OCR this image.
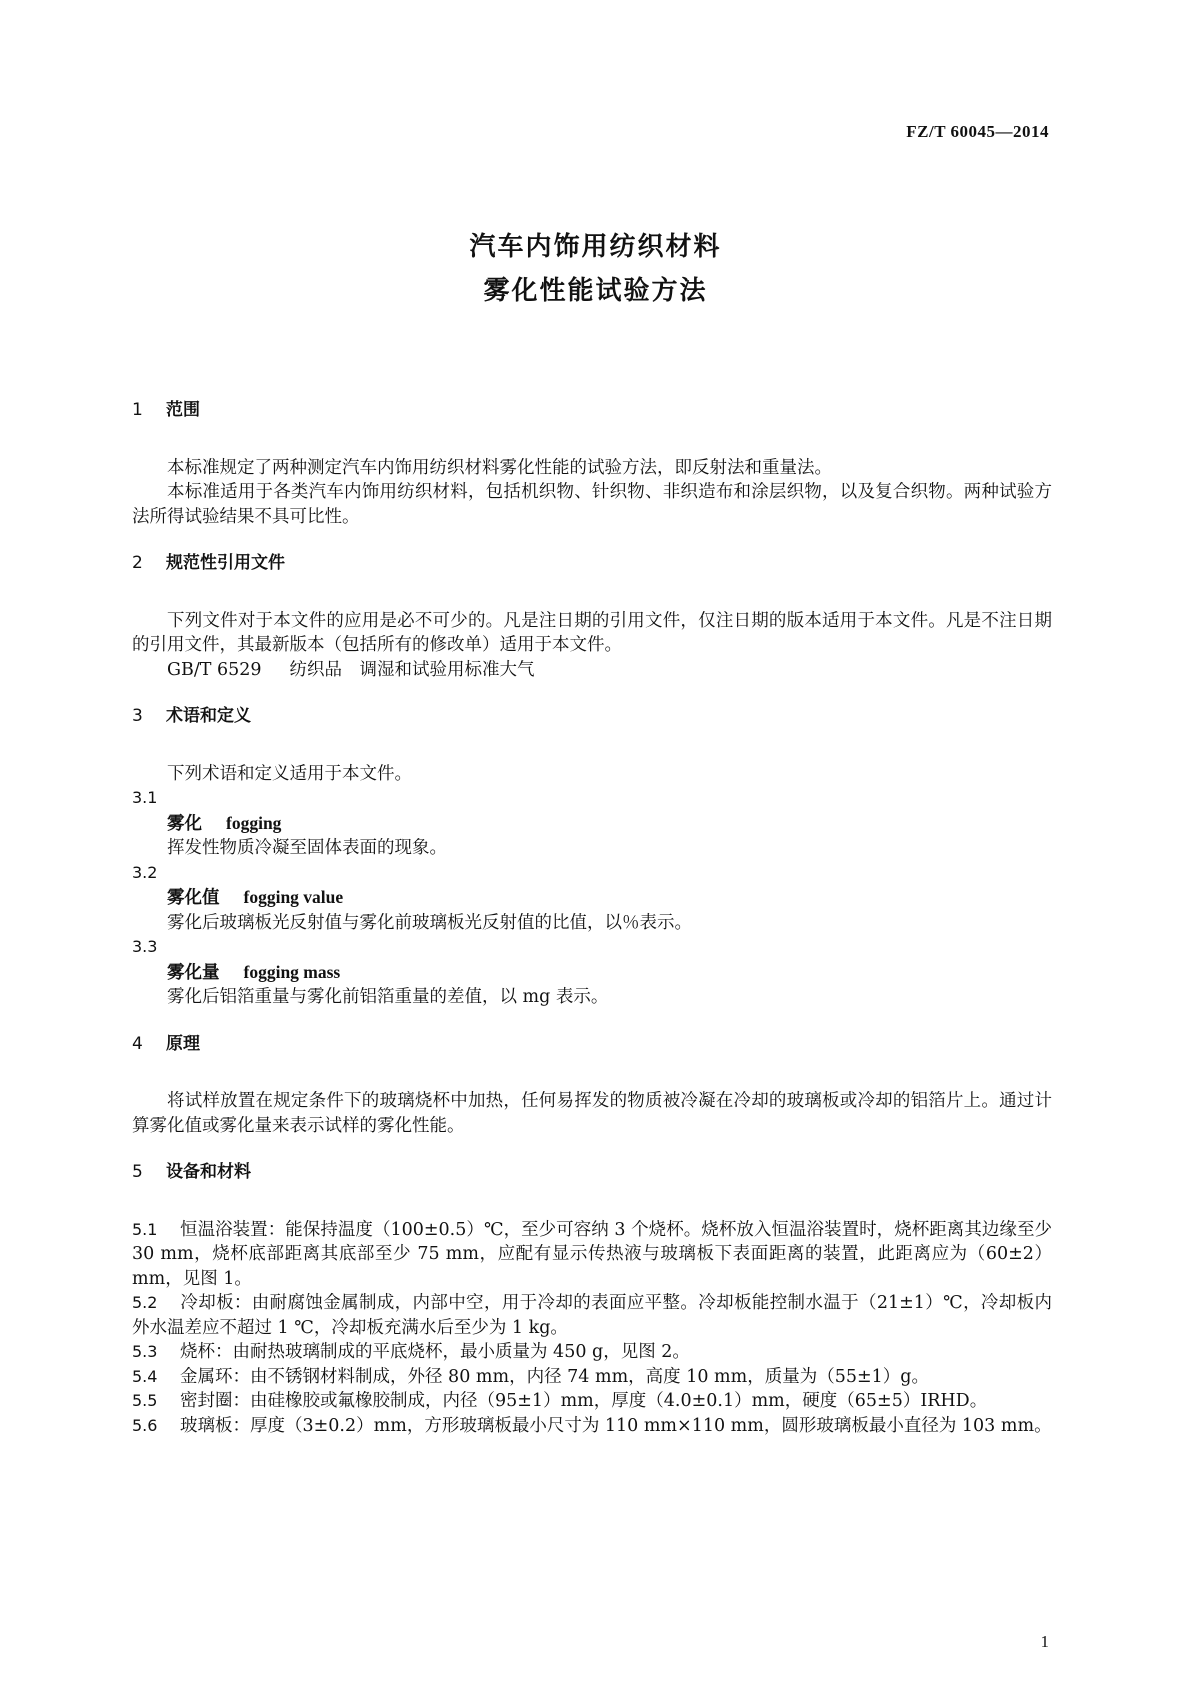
FZ/T 60045—2014
汽车内饰用纺织材料
雾化性能试验方法

1 范围

本标准规定了两种测定汽车内饰用纺织材料雾化性能的试验方法，即反射法和重量法。

本标准适用于各类汽车内饰用纺织材料，包括机织物、针织物、非织造布和涂层织物，以及复合织物。两种试验方法所得试验结果不具可比性。

2 规范性引用文件

下列文件对于本文件的应用是必不可少的。凡是注日期的引用文件，仅注日期的版本适用于本文件。凡是不注日期的引用文件，其最新版本（包括所有的修改单）适用于本文件。

GB/T 6529 纺织品　调湿和试验用标准大气

3 术语和定义

下列术语和定义适用于本文件。

3.1

雾化 fogging

挥发性物质冷凝至固体表面的现象。

3.2

雾化值 fogging value

雾化后玻璃板光反射值与雾化前玻璃板光反射值的比值，以％表示。

3.3

雾化量 fogging mass

雾化后铝箔重量与雾化前铝箔重量的差值，以 mg 表示。

4 原理

将试样放置在规定条件下的玻璃烧杯中加热，任何易挥发的物质被冷凝在冷却的玻璃板或冷却的铝箔片上。通过计算雾化值或雾化量来表示试样的雾化性能。

5 设备和材料

5.1 恒温浴装置：能保持温度（100±0.5）℃，至少可容纳 3 个烧杯。烧杯放入恒温浴装置时，烧杯距离其边缘至少 30 mm，烧杯底部距离其底部至少 75 mm，应配有显示传热液与玻璃板下表面距离的装置，此距离应为（60±2）mm，见图 1。

5.2 冷却板：由耐腐蚀金属制成，内部中空，用于冷却的表面应平整。冷却板能控制水温于（21±1）℃，冷却板内外水温差应不超过 1 ℃，冷却板充满水后至少为 1 kg。

5.3 烧杯：由耐热玻璃制成的平底烧杯，最小质量为 450 g，见图 2。

5.4 金属环：由不锈钢材料制成，外径 80 mm，内径 74 mm，高度 10 mm，质量为（55±1）g。

5.5 密封圈：由硅橡胶或氟橡胶制成，内径（95±1）mm，厚度（4.0±0.1）mm，硬度（65±5）IRHD。

5.6 玻璃板：厚度（3±0.2）mm，方形玻璃板最小尺寸为 110 mm×110 mm，圆形玻璃板最小直径为 103 mm。

1
